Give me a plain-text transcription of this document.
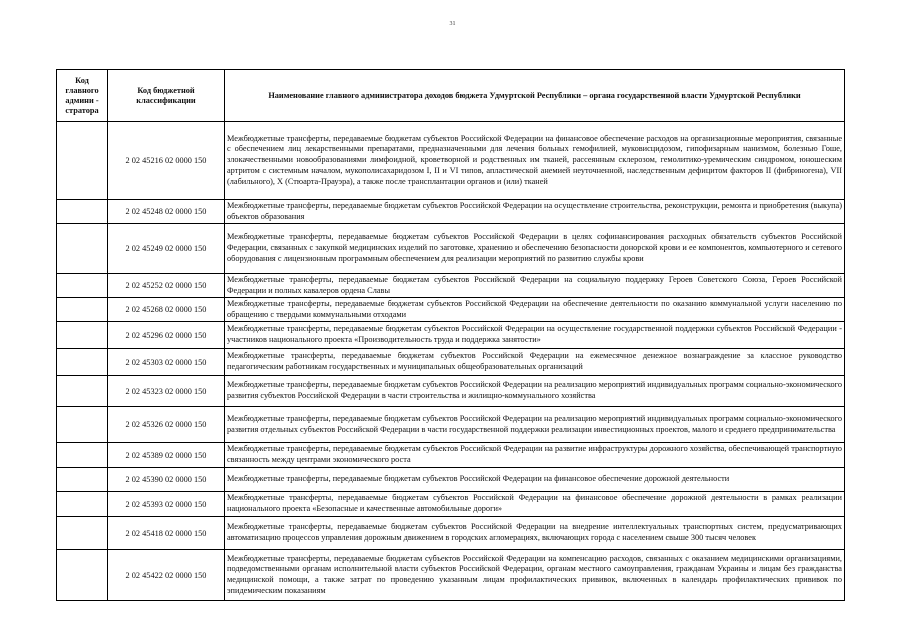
31
Код главного админи - стратора	Код бюджетной классификации	Наименование главного администратора доходов бюджета Удмуртской Республики – органа государственной власти Удмуртской Республики
	2 02 45216 02 0000 150	Межбюджетные трансферты, передаваемые бюджетам субъектов Российской Федерации на финансовое обеспечение расходов на организационные мероприятия, связанные с обеспечением лиц лекарственными препаратами, предназначенными для лечения больных гемофилией, муковисцидозом, гипофизарным нанизмом, болезнью Гоше, злокачественными новообразованиями лимфоидной, кроветворной и родственных им тканей, рассеянным склерозом, гемолитико-уремическим синдромом, юношеским артритом с системным началом, мукополисахаридозом I, II и VI типов, апластической анемией неуточненной, наследственным дефицитом факторов II (фибриногена), VII (лабильного), X (Стюарта-Прауэра), а также после трансплантации органов и (или) тканей
	2 02 45248 02 0000 150	Межбюджетные трансферты, передаваемые бюджетам субъектов Российской Федерации на осуществление строительства, реконструкции, ремонта и приобретения (выкупа) объектов образования
	2 02 45249 02 0000 150	Межбюджетные трансферты, передаваемые бюджетам субъектов Российской Федерации в целях софинансирования расходных обязательств субъектов Российской Федерации, связанных с закупкой медицинских изделий по заготовке, хранению и обеспечению безопасности донорской крови и ее компонентов, компьютерного и сетевого оборудования с лицензионным программным обеспечением для реализации мероприятий по развитию службы крови
	2 02 45252 02 0000 150	Межбюджетные трансферты, передаваемые бюджетам субъектов Российской Федерации на социальную поддержку Героев Советского Союза, Героев Российской Федерации и полных кавалеров ордена Славы
	2 02 45268 02 0000 150	Межбюджетные трансферты, передаваемые бюджетам субъектов Российской Федерации на обеспечение деятельности по оказанию коммунальной услуги населению по обращению с твердыми коммунальными отходами
	2 02 45296 02 0000 150	Межбюджетные трансферты, передаваемые бюджетам субъектов Российской Федерации на осуществление государственной поддержки субъектов Российской Федерации - участников национального проекта «Производительность труда и поддержка занятости»
	2 02 45303 02 0000 150	Межбюджетные трансферты, передаваемые бюджетам субъектов Российской Федерации на ежемесячное денежное вознаграждение за классное руководство педагогическим работникам государственных и муниципальных общеобразовательных организаций
	2 02 45323 02 0000 150	Межбюджетные трансферты, передаваемые бюджетам субъектов Российской Федерации на реализацию мероприятий индивидуальных программ социально-экономического развития субъектов Российской Федерации в части строительства и жилищно-коммунального хозяйства
	2 02 45326 02 0000 150	Межбюджетные трансферты, передаваемые бюджетам субъектов Российской Федерации на реализацию мероприятий индивидуальных программ социально-экономического развития отдельных субъектов Российской Федерации в части государственной поддержки реализации инвестиционных проектов, малого и среднего предпринимательства
	2 02 45389 02 0000 150	Межбюджетные трансферты, передаваемые бюджетам субъектов Российской Федерации на развитие инфраструктуры дорожного хозяйства, обеспечивающей транспортную связанность между центрами экономического роста
	2 02 45390 02 0000 150	Межбюджетные трансферты, передаваемые бюджетам субъектов Российской Федерации на финансовое обеспечение дорожной деятельности
	2 02 45393 02 0000 150	Межбюджетные трансферты, передаваемые бюджетам субъектов Российской Федерации на финансовое обеспечение дорожной деятельности в рамках реализации национального проекта «Безопасные и качественные автомобильные дороги»
	2 02 45418 02 0000 150	Межбюджетные трансферты, передаваемые бюджетам субъектов Российской Федерации на внедрение интеллектуальных транспортных систем, предусматривающих автоматизацию процессов управления дорожным движением в городских агломерациях, включающих города с населением свыше 300 тысяч человек
	2 02 45422 02 0000 150	Межбюджетные трансферты, передаваемые бюджетам субъектов Российской Федерации на компенсацию расходов, связанных с оказанием медицинскими организациями, подведомственными органам исполнительной власти субъектов Российской Федерации, органам местного самоуправления, гражданам Украины и лицам без гражданства медицинской помощи, а также затрат по проведению указанным лицам профилактических прививок, включенных в календарь профилактических прививок по эпидемическим показаниям
